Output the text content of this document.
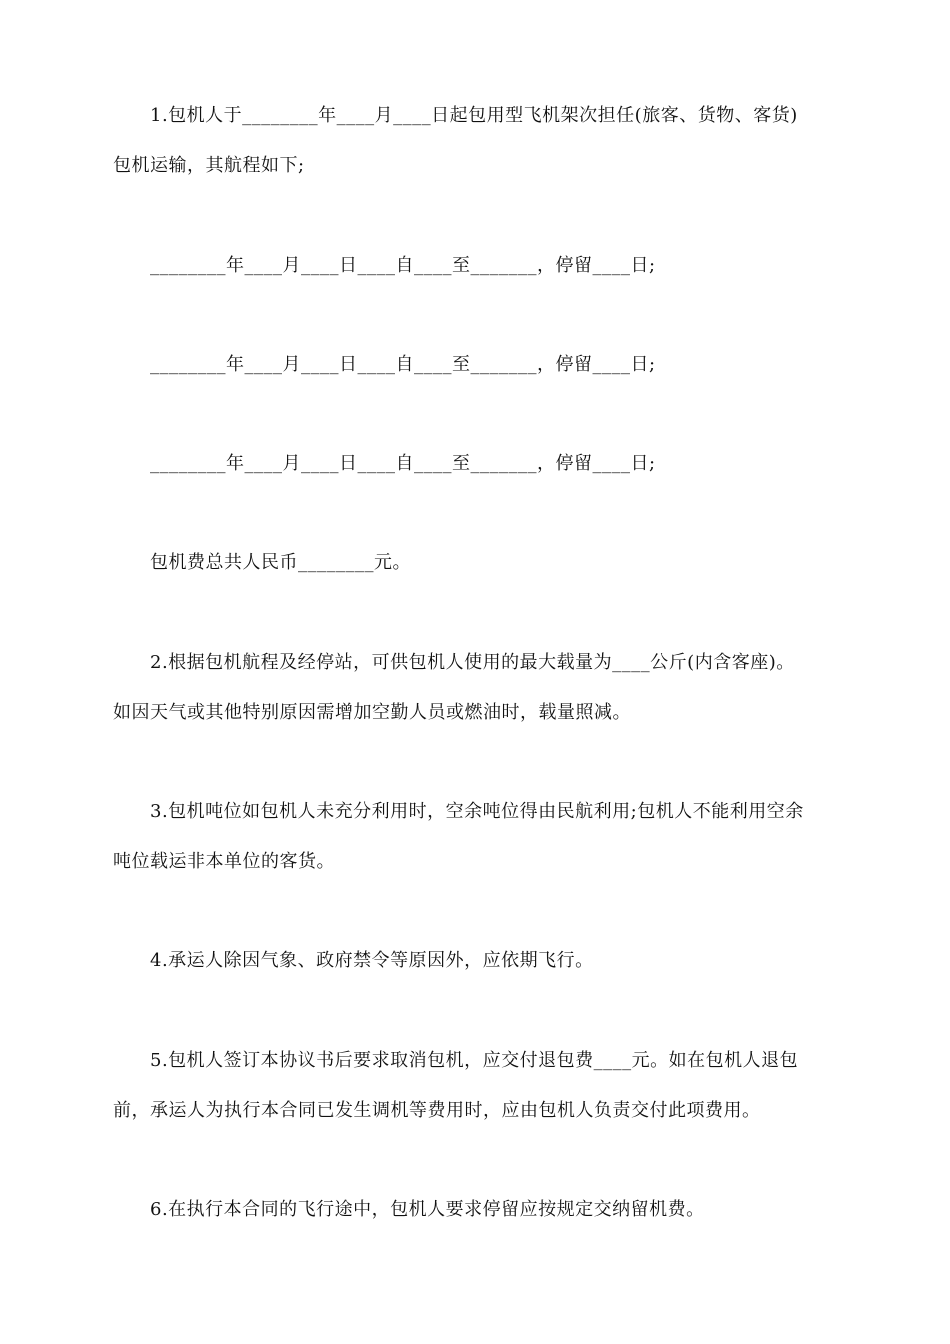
1.包机人于________年____月____日起包用型飞机架次担任(旅客、货物、客货)
包机运输，其航程如下;
________年____月____日____自____至_______，停留____日;
________年____月____日____自____至_______，停留____日;
________年____月____日____自____至_______，停留____日;
包机费总共人民币________元。
2.根据包机航程及经停站，可供包机人使用的最大载量为____公斤(内含客座)。
如因天气或其他特别原因需增加空勤人员或燃油时，载量照减。
3.包机吨位如包机人未充分利用时，空余吨位得由民航利用;包机人不能利用空余
吨位载运非本单位的客货。
4.承运人除因气象、政府禁令等原因外，应依期飞行。
5.包机人签订本协议书后要求取消包机，应交付退包费____元。如在包机人退包
前，承运人为执行本合同已发生调机等费用时，应由包机人负责交付此项费用。
6.在执行本合同的飞行途中，包机人要求停留应按规定交纳留机费。
